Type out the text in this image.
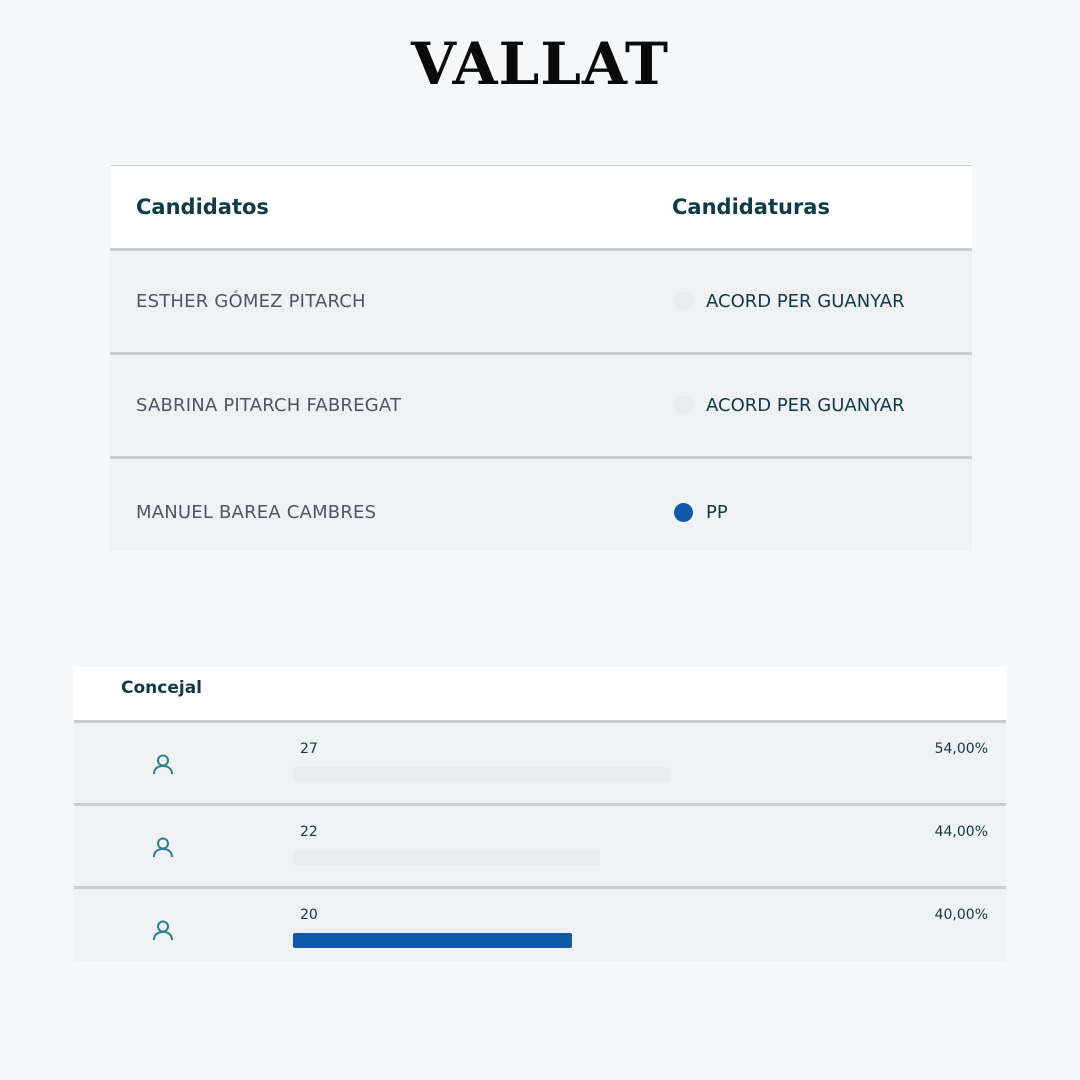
VALLAT
Candidatos	Candidaturas
ESTHER GÓMEZ PITARCH	ACORD PER GUANYAR
SABRINA PITARCH FABREGAT	ACORD PER GUANYAR
MANUEL BAREA CAMBRES	PP
Concejal
27	54,00%
22	44,00%
20	40,00%
